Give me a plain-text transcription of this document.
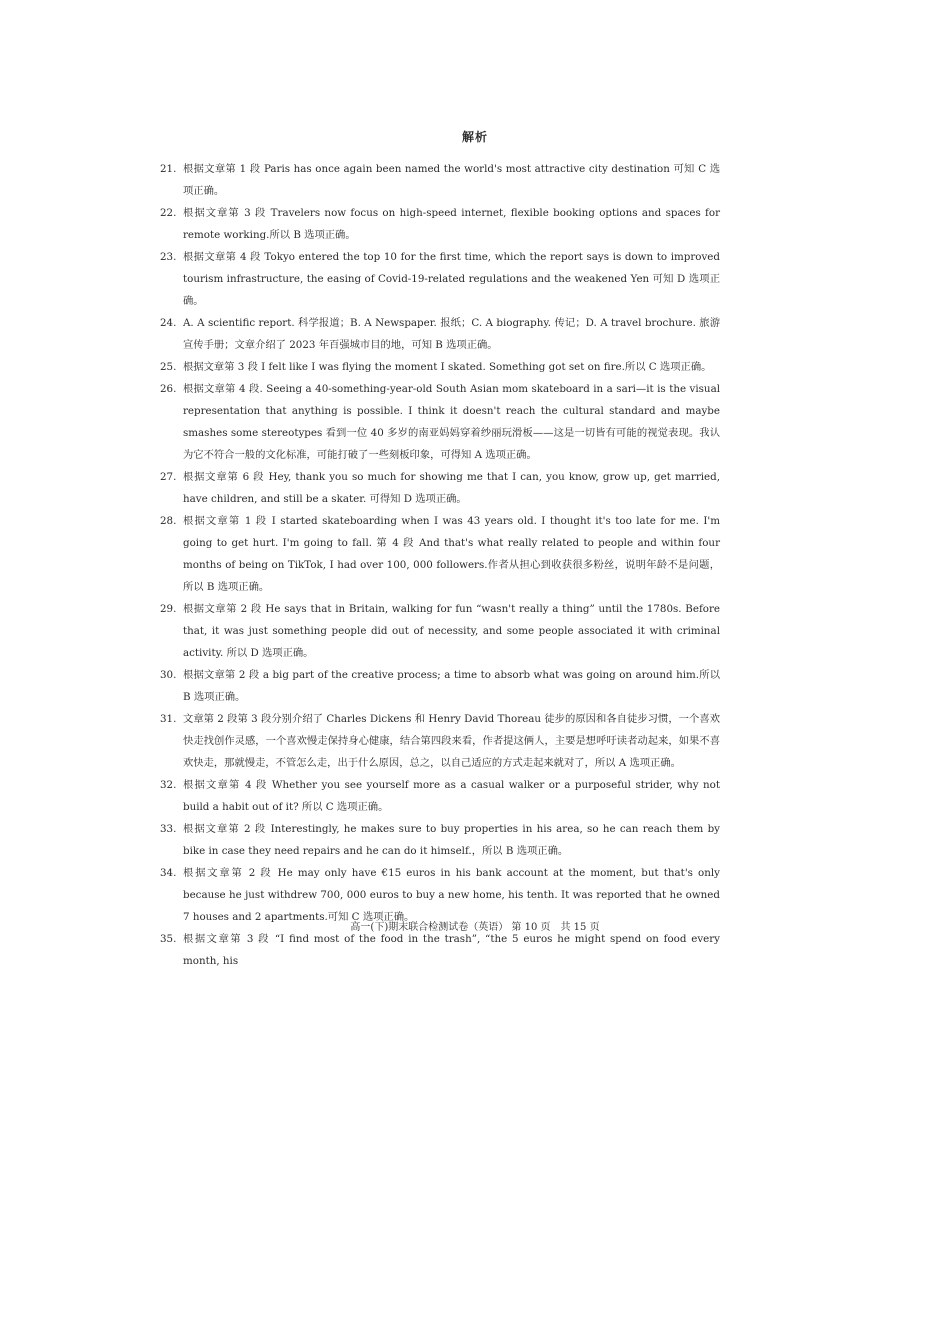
解析
21. 根据文章第 1 段 Paris has once again been named the world's most attractive city destination 可知 C 选项正确。
22. 根据文章第 3 段 Travelers now focus on high-speed internet, flexible booking options and spaces for remote working.所以 B 选项正确。
23. 根据文章第 4 段 Tokyo entered the top 10 for the first time, which the report says is down to improved tourism infrastructure, the easing of Covid-19-related regulations and the weakened Yen 可知 D 选项正确。
24. A. A scientific report. 科学报道；B. A Newspaper. 报纸；C. A biography. 传记；D. A travel brochure. 旅游宣传手册；文章介绍了 2023 年百强城市目的地，可知 B 选项正确。
25. 根据文章第 3 段 I felt like I was flying the moment I skated. Something got set on fire.所以 C 选项正确。
26. 根据文章第 4 段. Seeing a 40-something-year-old South Asian mom skateboard in a sari—it is the visual representation that anything is possible. I think it doesn't reach the cultural standard and maybe smashes some stereotypes 看到一位 40 多岁的南亚妈妈穿着纱丽玩滑板——这是一切皆有可能的视觉表现。我认为它不符合一般的文化标准，可能打破了一些刻板印象，可得知 A 选项正确。
27. 根据文章第 6 段 Hey, thank you so much for showing me that I can, you know, grow up, get married, have children, and still be a skater. 可得知 D 选项正确。
28. 根据文章第 1 段 I started skateboarding when I was 43 years old. I thought it's too late for me. I'm going to get hurt. I'm going to fall. 第 4 段 And that's what really related to people and within four months of being on TikTok, I had over 100, 000 followers.作者从担心到收获很多粉丝，说明年龄不是问题，所以 B 选项正确。
29. 根据文章第 2 段 He says that in Britain, walking for fun “wasn't really a thing” until the 1780s. Before that, it was just something people did out of necessity, and some people associated it with criminal activity. 所以 D 选项正确。
30. 根据文章第 2 段 a big part of the creative process; a time to absorb what was going on around him.所以 B 选项正确。
31. 文章第 2 段第 3 段分别介绍了 Charles Dickens 和 Henry David Thoreau 徒步的原因和各自徒步习惯，一个喜欢快走找创作灵感，一个喜欢慢走保持身心健康，结合第四段来看，作者提这俩人，主要是想呼吁读者动起来，如果不喜欢快走，那就慢走，不管怎么走，出于什么原因，总之，以自己适应的方式走起来就对了，所以 A 选项正确。
32. 根据文章第 4 段 Whether you see yourself more as a casual walker or a purposeful strider, why not build a habit out of it? 所以 C 选项正确。
33. 根据文章第 2 段 Interestingly, he makes sure to buy properties in his area, so he can reach them by bike in case they need repairs and he can do it himself.，所以 B 选项正确。
34. 根据文章第 2 段 He may only have €15 euros in his bank account at the moment, but that's only because he just withdrew 700, 000 euros to buy a new home, his tenth. It was reported that he owned 7 houses and 2 apartments.可知 C 选项正确。
35. 根据文章第 3 段 “I find most of the food in the trash”, “the 5 euros he might spend on food every month, his
高一(下)期末联合检测试卷（英语） 第 10 页　共 15 页
